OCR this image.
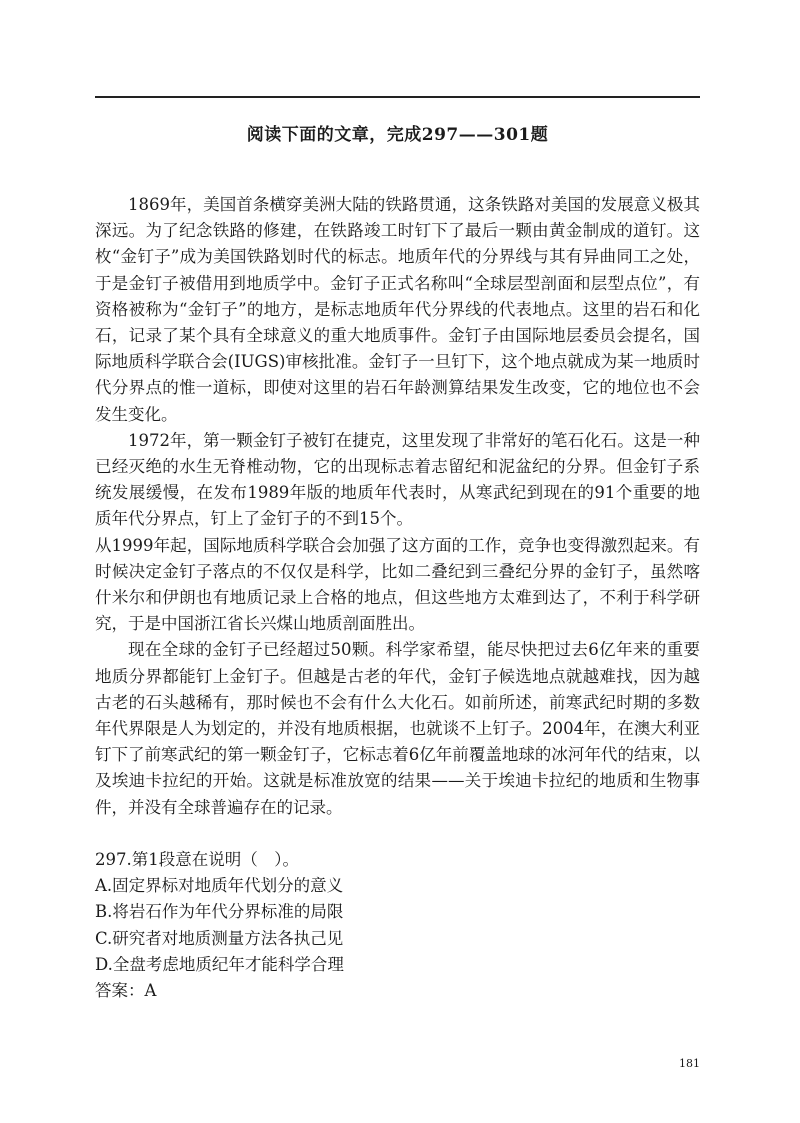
阅读下面的文章，完成297——301题

1869年，美国首条横穿美洲大陆的铁路贯通，这条铁路对美国的发展意义极其深远。为了纪念铁路的修建，在铁路竣工时钉下了最后一颗由黄金制成的道钉。这枚“金钉子”成为美国铁路划时代的标志。地质年代的分界线与其有异曲同工之处，于是金钉子被借用到地质学中。金钉子正式名称叫“全球层型剖面和层型点位”，有资格被称为“金钉子”的地方，是标志地质年代分界线的代表地点。这里的岩石和化石，记录了某个具有全球意义的重大地质事件。金钉子由国际地层委员会提名，国际地质科学联合会(IUGS)审核批准。金钉子一旦钉下，这个地点就成为某一地质时代分界点的惟一道标，即使对这里的岩石年龄测算结果发生改变，它的地位也不会发生变化。

1972年，第一颗金钉子被钉在捷克，这里发现了非常好的笔石化石。这是一种已经灭绝的水生无脊椎动物，它的出现标志着志留纪和泥盆纪的分界。但金钉子系统发展缓慢，在发布1989年版的地质年代表时，从寒武纪到现在的91个重要的地质年代分界点，钉上了金钉子的不到15个。

从1999年起，国际地质科学联合会加强了这方面的工作，竞争也变得激烈起来。有时候决定金钉子落点的不仅仅是科学，比如二叠纪到三叠纪分界的金钉子，虽然喀什米尔和伊朗也有地质记录上合格的地点，但这些地方太难到达了，不利于科学研究，于是中国浙江省长兴煤山地质剖面胜出。

现在全球的金钉子已经超过50颗。科学家希望，能尽快把过去6亿年来的重要地质分界都能钉上金钉子。但越是古老的年代，金钉子候选地点就越难找，因为越古老的石头越稀有，那时候也不会有什么大化石。如前所述，前寒武纪时期的多数年代界限是人为划定的，并没有地质根据，也就谈不上钉子。2004年，在澳大利亚钉下了前寒武纪的第一颗金钉子，它标志着6亿年前覆盖地球的冰河年代的结束，以及埃迪卡拉纪的开始。这就是标准放宽的结果——关于埃迪卡拉纪的地质和生物事件，并没有全球普遍存在的记录。

297.第1段意在说明（　）。
A.固定界标对地质年代划分的意义
B.将岩石作为年代分界标准的局限
C.研究者对地质测量方法各执己见
D.全盘考虑地质纪年才能科学合理
答案：A
181
